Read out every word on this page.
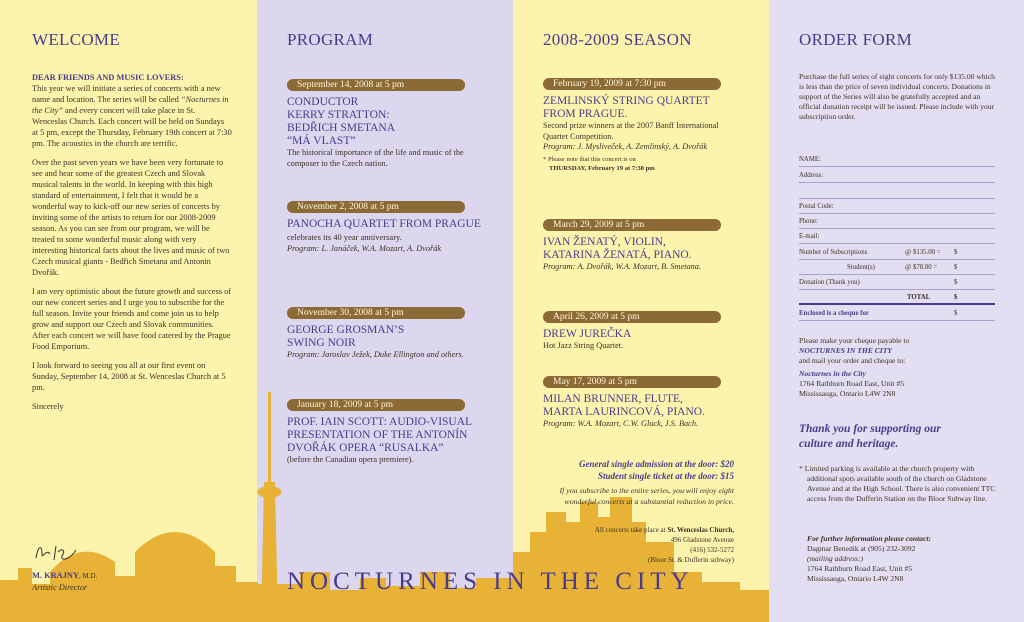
WELCOME

DEAR FRIENDS AND MUSIC LOVERS:

This year we will initiate a series of concerts with a new name and location. The series will be called “Nocturnes in the City” and every concert will take place in St. Wenceslas Church. Each concert will be held on Sundays at 5 pm, except the Thursday, February 19th concert at 7:30 pm. The acoustics in the church are terrific.

Over the past seven years we have been very fortunate to see and hear some of the greatest Czech and Slovak musical talents in the world. In keeping with this high standard of entertainment, I felt that it would be a wonderful way to kick-off our new series of concerts by inviting some of the artists to return for our 2008-2009 season. As you can see from our program, we will be treated to some wonderful music along with very interesting historical facts about the lives and music of two Czech musical giants - Bedřich Smetana and Antonin Dvořák.

I am very optimistic about the future growth and success of our new concert series and I urge you to subscribe for the full season. Invite your friends and come join us to help grow and support our Czech and Slovak communities. After each concert we will have food catered by the Prague Food Emporium.

I look forward to seeing you all at our first event on Sunday, September 14, 2008 at St. Wenceslas Church at 5 pm.

Sincerely

M. KRAJNY, M.D.
Artistic Director
PROGRAM
September 14, 2008 at 5 pm
CONDUCTOR
KERRY STRATTON:
BEDŘICH SMETANA
“MÁ VLAST”
The historical importance of the life and music of the composer to the Czech nation.
November 2, 2008 at 5 pm
PANOCHA QUARTET FROM PRAGUE celebrates its 40 year anniversary.
Program: L. Janáček, W.A. Mozart, A. Dvořák
November 30, 2008 at 5 pm
GEORGE GROSMAN’S
SWING NOIR
Program: Jaroslav Ježek, Duke Ellington and others.
January 18, 2009 at 5 pm
PROF. IAIN SCOTT: AUDIO-VISUAL PRESENTATION OF THE ANTONÍN DVOŘÁK OPERA “RUSALKA”
(before the Canadian opera premiere).
2008-2009 SEASON
February 19, 2009 at 7:30 pm
ZEMLINSKÝ STRING QUARTET FROM PRAGUE.
Second prize winners at the 2007 Banff International Quartet Competition.
Program: J. Mysliveček, A. Zemlinský, A. Dvořák
* Please note that this concert is on
THURSDAY, February 19 at 7:30 pm
March 29, 2009 at 5 pm
IVAN ŽENATÝ, VIOLIN,
KATARINA ŽENATÁ, PIANO.
Program: A. Dvořák, W.A. Mozart, B. Smetana.
April 26, 2009 at 5 pm
DREW JUREČKA
Hot Jazz String Quartet.
May 17, 2009 at 5 pm
MILAN BRUNNER, FLUTE,
MARTA LAURINCOVÁ, PIANO.
Program: W.A. Mozart, C.W. Gluck, J.S. Bach.
General single admission at the door: $20
Student single ticket at the door: $15
If you subscribe to the entire series, you will enjoy eight wonderful concerts at a substantial reduction in price.
All concerts take place at St. Wenceslas Church,
496 Gladstone Avenue
(416) 532-5272
(Bloor St. & Dufferin subway)
NOCTURNES IN THE CITY
ORDER FORM
Purchase the full series of eight concerts for only $135.00 which is less than the price of seven individual concerts. Donations in support of the Series will also be gratefully accepted and an official donation receipt will be issued. Please include with your subscription order.
NAME:
Address:
Postal Code:
Phone:
E-mail:
Number of Subscriptions	@ $135.00 = $
Student(s)	@ $78.00 = $
Donation (Thank you)	$
TOTAL	$
Enclosed is a cheque for	$
Please make your cheque payable to
NOCTURNES IN THE CITY
and mail your order and cheque to:
Nocturnes in the City
1764 Rathburn Road East, Unit #5
Mississauga, Ontario L4W 2N8
Thank you for supporting our culture and heritage.
* Limited parking is available at the church property with additional spots available south of the church on Gladstone Avenue and at the High School. There is also convenient TTC access from the Dufferin Station on the Bloor Subway line.
For further information please contact:
Dagmar Benedik at (905) 232-3092
(mailing address:)
1764 Rathburn Road East, Unit #5
Mississauga, Ontario L4W 2N8
